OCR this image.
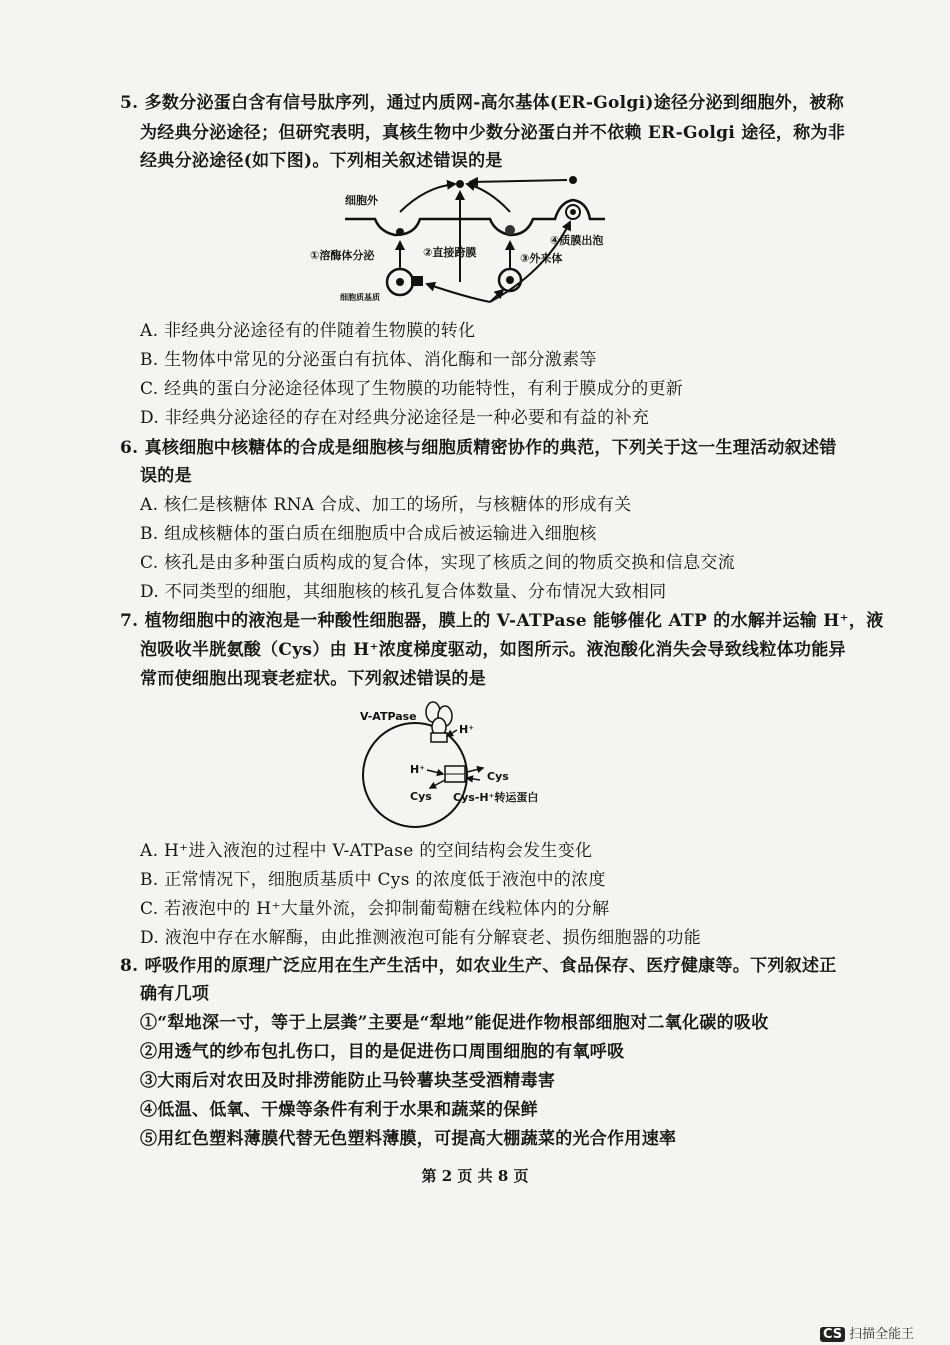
5. 多数分泌蛋白含有信号肽序列，通过内质网-高尔基体(ER-Golgi)途径分泌到细胞外，被称
为经典分泌途径；但研究表明，真核生物中少数分泌蛋白并不依赖 ER-Golgi 途径，称为非
经典分泌途径(如下图)。下列相关叙述错误的是
细胞外
①溶酶体分泌	②直接跨膜	③外来体
④质膜出泡
细胞质基质
A. 非经典分泌途径有的伴随着生物膜的转化
B. 生物体中常见的分泌蛋白有抗体、消化酶和一部分激素等
C. 经典的蛋白分泌途径体现了生物膜的功能特性，有利于膜成分的更新
D. 非经典分泌途径的存在对经典分泌途径是一种必要和有益的补充
6. 真核细胞中核糖体的合成是细胞核与细胞质精密协作的典范，下列关于这一生理活动叙述错
误的是
A. 核仁是核糖体 RNA 合成、加工的场所，与核糖体的形成有关
B. 组成核糖体的蛋白质在细胞质中合成后被运输进入细胞核
C. 核孔是由多种蛋白质构成的复合体，实现了核质之间的物质交换和信息交流
D. 不同类型的细胞，其细胞核的核孔复合体数量、分布情况大致相同
7. 植物细胞中的液泡是一种酸性细胞器，膜上的 V-ATPase 能够催化 ATP 的水解并运输 H⁺，液
泡吸收半胱氨酸（Cys）由 H⁺浓度梯度驱动，如图所示。液泡酸化消失会导致线粒体功能异
常而使细胞出现衰老症状。下列叙述错误的是
V-ATPase
H⁺
H⁺
Cys
Cys Cys-H⁺转运蛋白
A. H⁺进入液泡的过程中 V-ATPase 的空间结构会发生变化
B. 正常情况下，细胞质基质中 Cys 的浓度低于液泡中的浓度
C. 若液泡中的 H⁺大量外流，会抑制葡萄糖在线粒体内的分解
D. 液泡中存在水解酶，由此推测液泡可能有分解衰老、损伤细胞器的功能
8. 呼吸作用的原理广泛应用在生产生活中，如农业生产、食品保存、医疗健康等。下列叙述正
确有几项
①“犁地深一寸，等于上层粪”主要是“犁地”能促进作物根部细胞对二氧化碳的吸收
②用透气的纱布包扎伤口，目的是促进伤口周围细胞的有氧呼吸
③大雨后对农田及时排涝能防止马铃薯块茎受酒精毒害
④低温、低氧、干燥等条件有利于水果和蔬菜的保鲜
⑤用红色塑料薄膜代替无色塑料薄膜，可提高大棚蔬菜的光合作用速率
第 2 页 共 8 页
CS 扫描全能王
